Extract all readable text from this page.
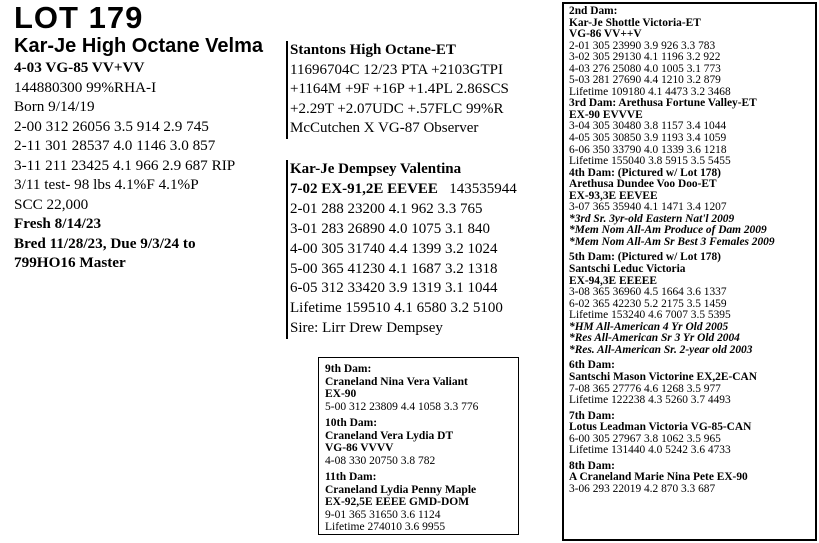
LOT 179
Kar-Je High Octane Velma
4-03 VG-85 VV+VV
144880300 99%RHA-I
Born 9/14/19
2-00 312 26056 3.5 914 2.9 745
2-11 301 28537 4.0 1146 3.0 857
3-11 211 23425 4.1 966 2.9 687 RIP
3/11 test- 98 lbs 4.1%F 4.1%P
SCC 22,000
Fresh 8/14/23
Bred 11/28/23, Due 9/3/24 to
799HO16 Master
Stantons High Octane-ET
11696704C 12/23 PTA +2103GTPI
+1164M +9F +16P +1.4PL 2.86SCS
+2.29T +2.07UDC +.57FLC 99%R
McCutchen X VG-87 Observer
Kar-Je Dempsey Valentina
7-02 EX-91,2E EEVEE 143535944
2-01 288 23200 4.1 962 3.3 765
3-01 283 26890 4.0 1075 3.1 840
4-00 305 31740 4.4 1399 3.2 1024
5-00 365 41230 4.1 1687 3.2 1318
6-05 312 33420 3.9 1319 3.1 1044
Lifetime 159510 4.1 6580 3.2 5100
Sire: Lirr Drew Dempsey
9th Dam:
Craneland Nina Vera Valiant
EX-90
5-00 312 23809 4.4 1058 3.3 776
10th Dam:
Craneland Vera Lydia DT
VG-86 VVVV
4-08 330 20750 3.8 782
11th Dam:
Craneland Lydia Penny Maple
EX-92,5E EEEE GMD-DOM
9-01 365 31650 3.6 1124
Lifetime 274010 3.6 9955
2nd Dam:
Kar-Je Shottle Victoria-ET
VG-86 VV++V
2-01 305 23990 3.9 926 3.3 783
3-02 305 29130 4.1 1196 3.2 922
4-03 276 25080 4.0 1005 3.1 773
5-03 281 27690 4.4 1210 3.2 879
Lifetime 109180 4.1 4473 3.2 3468
3rd Dam: Arethusa Fortune Valley-ET
EX-90 EVVVE
3-04 305 30480 3.8 1157 3.4 1044
4-05 305 30850 3.9 1193 3.4 1059
6-06 350 33790 4.0 1339 3.6 1218
Lifetime 155040 3.8 5915 3.5 5455
4th Dam: (Pictured w/ Lot 178)
Arethusa Dundee Voo Doo-ET
EX-93,3E EEVEE
3-07 365 35940 4.1 1471 3.4 1207
*3rd Sr. 3yr-old Eastern Nat'l 2009
*Mem Nom All-Am Produce of Dam 2009
*Mem Nom All-Am Sr Best 3 Females 2009
5th Dam: (Pictured w/ Lot 178)
Santschi Leduc Victoria
EX-94,3E EEEEE
3-08 365 36960 4.5 1664 3.6 1337
6-02 365 42230 5.2 2175 3.5 1459
Lifetime 153240 4.6 7007 3.5 5395
*HM All-American 4 Yr Old 2005
*Res All-American Sr 3 Yr Old 2004
*Res. All-American Sr. 2-year old 2003
6th Dam:
Santschi Mason Victorine EX,2E-CAN
7-08 365 27776 4.6 1268 3.5 977
Lifetime 122238 4.3 5260 3.7 4493
7th Dam:
Lotus Leadman Victoria VG-85-CAN
6-00 305 27967 3.8 1062 3.5 965
Lifetime 131440 4.0 5242 3.6 4733
8th Dam:
A Craneland Marie Nina Pete EX-90
3-06 293 22019 4.2 870 3.3 687
